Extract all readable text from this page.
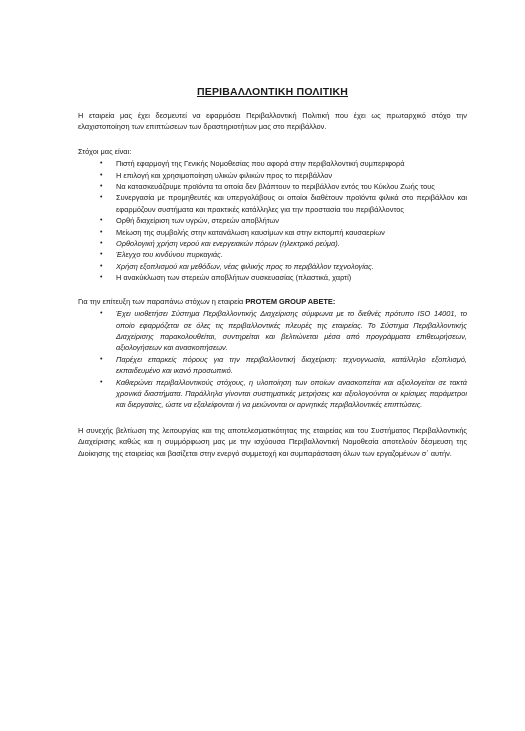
ΠΕΡΙΒΑΛΛΟΝΤΙΚΗ ΠΟΛΙΤΙΚΗ

Η εταιρεία μας έχει δεσμευτεί να εφαρμόσει Περιβαλλοντική Πολιτική που έχει ως πρωταρχικό στόχο την ελαχιστοποίηση των επιπτώσεων των δραστηριοτήτων μας στο περιβάλλον.

Στόχοι μας είναι:

• Πιστή εφαρμογή της Γενικής Νομοθεσίας που αφορά στην περιβαλλοντική συμπεριφορά
• Η επιλογή και χρησιμοποίηση υλικών φιλικών προς το περιβάλλον
• Να κατασκευάζουμε προϊόντα τα οποία δεν βλάπτουν το περιβάλλον εντός του Κύκλου Ζωής τους
• Συνεργασία με προμηθευτές και υπεργολάβους οι οποίοι διαθέτουν προϊόντα φιλικά στο περιβάλλον και εφαρμόζουν συστήματα και πρακτικές κατάλληλες για την προστασία του περιβάλλοντος
• Ορθή διαχείριση των υγρών, στερεών αποβλήτων
• Μείωση της συμβολής στην κατανάλωση καυσίμων και στην εκπομπή καυσαερίων
• Ορθολογική χρήση νερού και ενεργειακών πόρων (ηλεκτρικό ρεύμα).
• Έλεγχο του κινδύνου πυρκαγιάς.
• Χρήση εξοπλισμού και μεθόδων, νέας φιλικής προς το περιβάλλον τεχνολογίας.
• Η ανακύκλωση των στερεών αποβλήτων συσκευασίας (πλαστικά, χαρτί)

Για την επίτευξη των παραπάνω στόχων η εταιρεία PROTEM GROUP ABETE:

• Έχει υιοθετήσει Σύστημα Περιβαλλοντικής Διαχείρισης σύμφωνα με το διεθνές πρότυπο ISO 14001, το οποίο εφαρμόζεται σε όλες τις περιβαλλοντικές πλευρές της εταιρείας. Το Σύστημα Περιβαλλοντικής Διαχείρισης παρακολουθείται, συντηρείται και βελτιώνεται μέσα από προγράμματα επιθεωρήσεων, αξιολογήσεων και ανασκοπήσεων.
• Παρέχει επαρκείς πόρους για την περιβαλλοντική διαχείριση: τεχνογνωσία, κατάλληλο εξοπλισμό, εκπαιδευμένο και ικανό προσωπικό.
• Καθιερώνει περιβαλλοντικούς στόχους, η υλοποίηση των οποίων ανασκοπείται και αξιολογείται σε τακτά χρονικά διαστήματα. Παράλληλα γίνονται συστηματικές μετρήσεις και αξιολογούνται οι κρίσιμες παράμετροι και διεργασίες, ώστε να εξαλείφονται ή να μειώνονται οι αρνητικές περιβαλλοντικές επιπτώσεις.

Η συνεχής βελτίωση της λειτουργίας και της αποτελεσματικότητας της εταιρείας και του Συστήματος Περιβαλλοντικής Διαχείρισης καθώς και η συμμόρφωση μας με την ισχύουσα Περιβαλλοντική Νομοθεσία αποτελούν δέσμευση της Διοίκησης της εταιρείας και βασίζεται στην ενεργό συμμετοχή και συμπαράσταση όλων των εργαζομένων σ΄ αυτήν.
